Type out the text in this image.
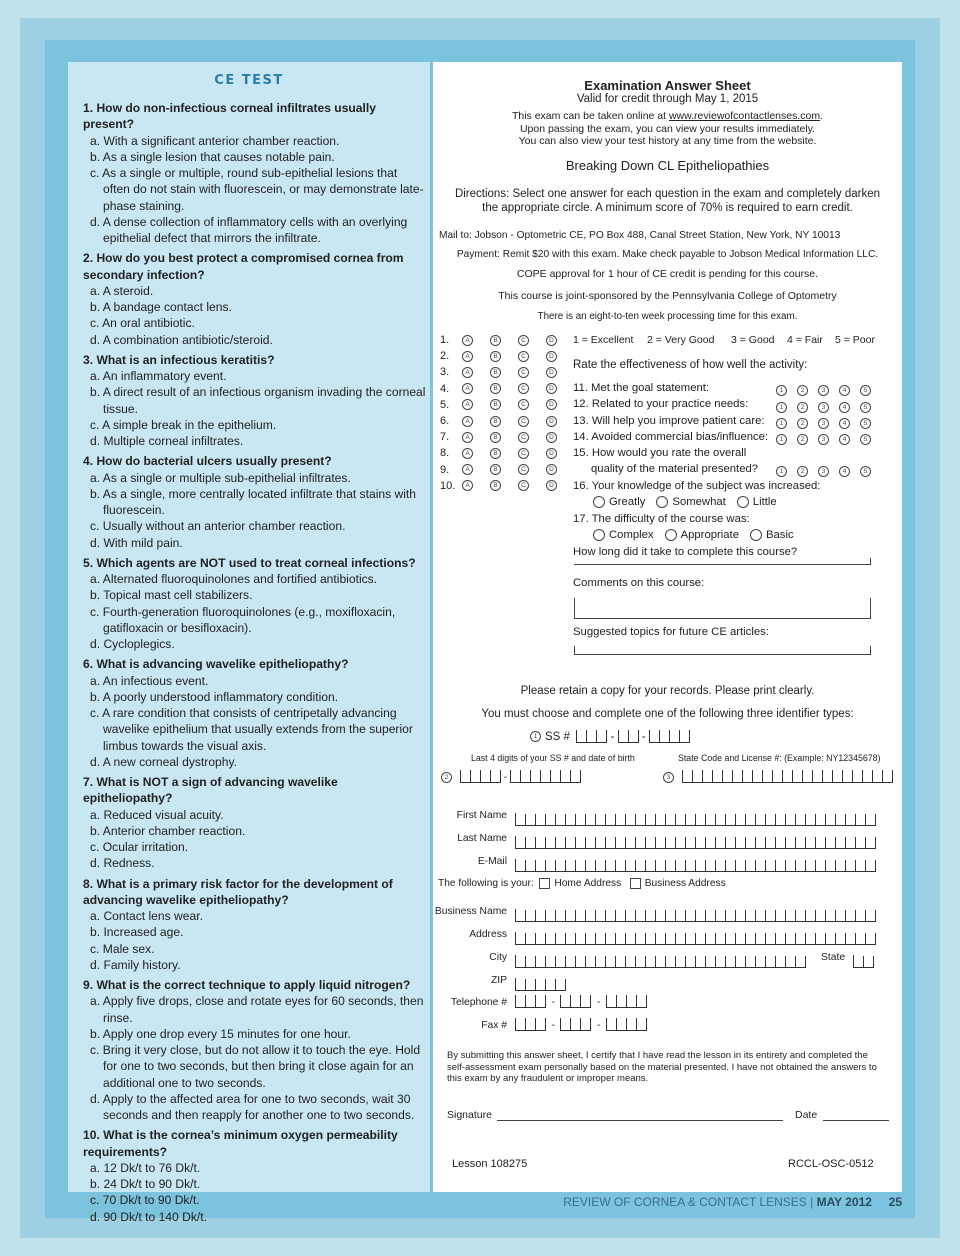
CE TEST
1. How do non-infectious corneal infiltrates usually present?
a. With a significant anterior chamber reaction.
b. As a single lesion that causes notable pain.
c. As a single or multiple, round sub-epithelial lesions that often do not stain with fluorescein, or may demonstrate late-phase staining.
d. A dense collection of inflammatory cells with an overlying epithelial defect that mirrors the infiltrate.
2. How do you best protect a compromised cornea from secondary infection?
a. A steroid.
b. A bandage contact lens.
c. An oral antibiotic.
d. A combination antibiotic/steroid.
3. What is an infectious keratitis?
a. An inflammatory event.
b. A direct result of an infectious organism invading the corneal tissue.
c. A simple break in the epithelium.
d. Multiple corneal infiltrates.
4. How do bacterial ulcers usually present?
a. As a single or multiple sub-epithelial infiltrates.
b. As a single, more centrally located infiltrate that stains with fluorescein.
c. Usually without an anterior chamber reaction.
d. With mild pain.
5. Which agents are NOT used to treat corneal infections?
a. Alternated fluoroquinolones and fortified antibiotics.
b. Topical mast cell stabilizers.
c. Fourth-generation fluoroquinolones (e.g., moxifloxacin, gatifloxacin or besifloxacin).
d. Cycloplegics.
6. What is advancing wavelike epitheliopathy?
a. An infectious event.
b. A poorly understood inflammatory condition.
c. A rare condition that consists of centripetally advancing wavelike epithelium that usually extends from the superior limbus towards the visual axis.
d. A new corneal dystrophy.
7. What is NOT a sign of advancing wavelike epitheliopathy?
a. Reduced visual acuity.
b. Anterior chamber reaction.
c. Ocular irritation.
d. Redness.
8. What is a primary risk factor for the development of advancing wavelike epitheliopathy?
a. Contact lens wear.
b. Increased age.
c. Male sex.
d. Family history.
9. What is the correct technique to apply liquid nitrogen?
a. Apply five drops, close and rotate eyes for 60 seconds, then rinse.
b. Apply one drop every 15 minutes for one hour.
c. Bring it very close, but do not allow it to touch the eye. Hold for one to two seconds, but then bring it close again for an additional one to two seconds.
d. Apply to the affected area for one to two seconds, wait 30 seconds and then reapply for another one to two seconds.
10. What is the cornea’s minimum oxygen permeability requirements?
a. 12 Dk/t to 76 Dk/t.
b. 24 Dk/t to 90 Dk/t.
c. 70 Dk/t to 90 Dk/t.
d. 90 Dk/t to 140 Dk/t.
Examination Answer Sheet
Valid for credit through May 1, 2015
This exam can be taken online at www.reviewofcontactlenses.com.
Upon passing the exam, you can view your results immediately.
You can also view your test history at any time from the website.
Breaking Down CL Epitheliopathies
Directions: Select one answer for each question in the exam and completely darken
the appropriate circle. A minimum score of 70% is required to earn credit.
Mail to: Jobson - Optometric CE, PO Box 488, Canal Street Station, New York, NY 10013
Payment: Remit $20 with this exam. Make check payable to Jobson Medical Information LLC.
COPE approval for 1 hour of CE credit is pending for this course.
This course is joint-sponsored by the Pennsylvania College of Optometry
There is an eight-to-ten week processing time for this exam.
1. A	B	C	D
2. A	B	C	D
3. A	B	C	D
4. A	B	C	D
5. A	B	C	D
6. A	B	C	D
7. A	B	C	D
8. A	B	C	D
9. A	B	C	D
10. A	B	C	D
1 = Excellent 2 = Very Good 3 = Good 4 = Fair 5 = Poor
Rate the effectiveness of how well the activity:
11. Met the goal statement:	1	2	3	4	5
12. Related to your practice needs:	1	2	3	4	5
13. Will help you improve patient care:	1	2	3	4	5
14. Avoided commercial bias/influence:	1	2	3	4	5
15. How would you rate the overall
quality of the material presented?	1	2	3	4	5
16. Your knowledge of the subject was increased:
Greatly Somewhat Little
17. The difficulty of the course was:
Complex Appropriate Basic
How long did it take to complete this course?
Comments on this course:
Suggested topics for future CE articles:
Please retain a copy for your records. Please print clearly.
You must choose and complete one of the following three identifier types:
1 SS #	- -
Last 4 digits of your SS # and date of birth	State Code and License #: (Example: NY12345678)
2	-	3
First Name
Last Name
E-Mail
The following is your: Home Address Business Address
Business Name
Address
City	State
ZIP
Telephone #	-	-
Fax #	-	-
By submitting this answer sheet, I certify that I have read the lesson in its entirety and completed the self-assessment exam personally based on the material presented. I have not obtained the answers to this exam by any fraudulent or improper means.
Signature	Date
Lesson 108275	RCCL-OSC-0512
REVIEW OF CORNEA & CONTACT LENSES | MAY 2012 25
